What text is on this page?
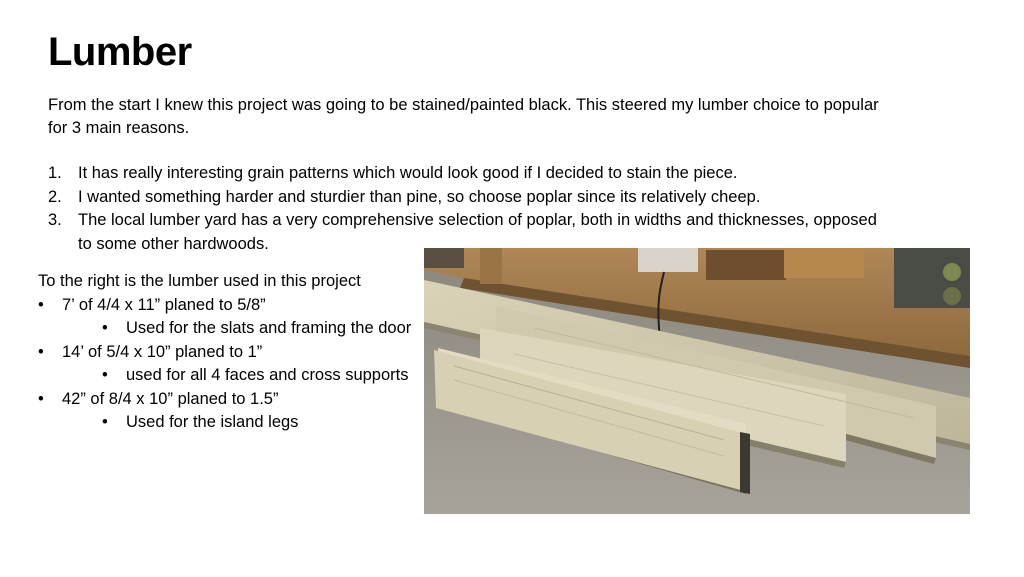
Lumber
From the start I knew this project was going to be stained/painted black. This steered my lumber choice to popular for 3 main reasons.
1. It has really interesting grain patterns which would look good if I decided to stain the piece.
2. I wanted something harder and sturdier than pine, so choose poplar since its relatively cheep.
3. The local lumber yard has a very comprehensive selection of poplar, both in widths and thicknesses, opposed to some other hardwoods.
To the right is the lumber used in this project
• 7’ of 4/4 x 11” planed to 5/8”
• Used for the slats and framing the door
• 14’ of 5/4 x 10” planed to 1”
• used for all 4 faces and cross supports
• 42” of 8/4 x 10” planed to 1.5”
• Used for the island legs
